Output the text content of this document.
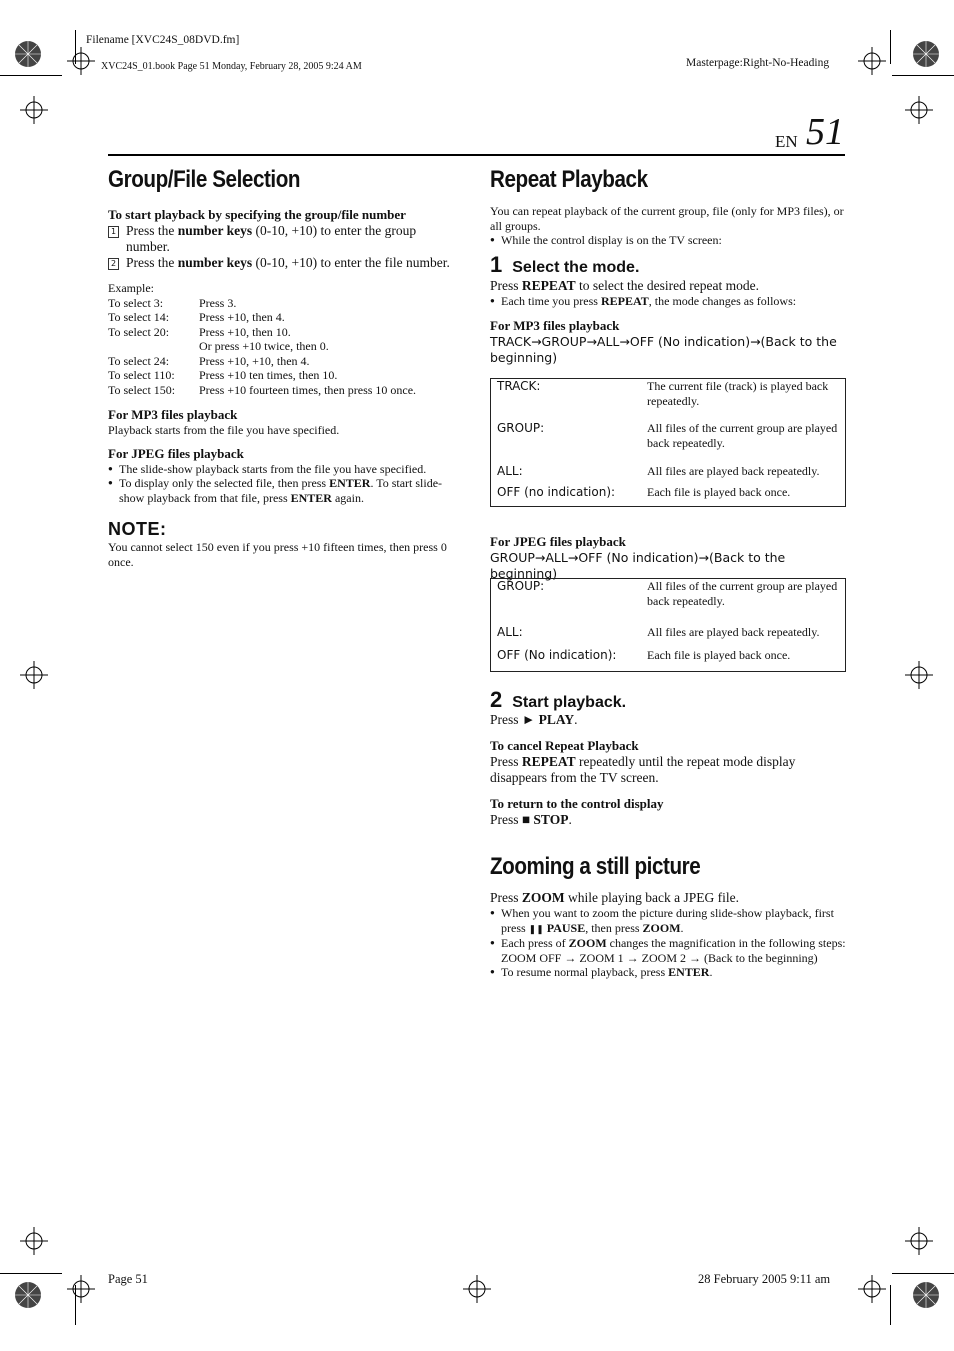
Filename [XVC24S_08DVD.fm]
XVC24S_01.book Page 51 Monday, February 28, 2005 9:24 AM	Masterpage:Right-No-Heading
EN 51
Group/File Selection
To start playback by specifying the group/file number
1 Press the number keys (0-10, +10) to enter the group number.
2 Press the number keys (0-10, +10) to enter the file number.
Example:
To select 3:	Press 3.
To select 14:	Press +10, then 4.
To select 20:	Press +10, then 10.
Or press +10 twice, then 0.
To select 24:	Press +10, +10, then 4.
To select 110:	Press +10 ten times, then 10.
To select 150:	Press +10 fourteen times, then press 10 once.
For MP3 files playback
Playback starts from the file you have specified.
For JPEG files playback
● The slide-show playback starts from the file you have specified.
● To display only the selected file, then press ENTER. To start slide-show playback from that file, press ENTER again.
NOTE:
You cannot select 150 even if you press +10 fifteen times, then press 0 once.
Repeat Playback
You can repeat playback of the current group, file (only for MP3 files), or all groups.
● While the control display is on the TV screen:
1 Select the mode.
Press REPEAT to select the desired repeat mode.
● Each time you press REPEAT, the mode changes as follows:
For MP3 files playback
TRACK→GROUP→ALL→OFF (No indication)→(Back to the beginning)
TRACK:	The current file (track) is played back repeatedly.
GROUP:	All files of the current group are played back repeatedly.
ALL:	All files are played back repeatedly.
OFF (no indication):	Each file is played back once.
For JPEG files playback
GROUP→ALL→OFF (No indication)→(Back to the beginning)
GROUP:	All files of the current group are played back repeatedly.
ALL:	All files are played back repeatedly.
OFF (No indication):	Each file is played back once.
2 Start playback.
Press ► PLAY.
To cancel Repeat Playback
Press REPEAT repeatedly until the repeat mode display disappears from the TV screen.
To return to the control display
Press ■ STOP.
Zooming a still picture
Press ZOOM while playing back a JPEG file.
● When you want to zoom the picture during slide-show playback, first press ❚❚ PAUSE, then press ZOOM.
● Each press of ZOOM changes the magnification in the following steps:
ZOOM OFF → ZOOM 1 → ZOOM 2 → (Back to the beginning)
● To resume normal playback, press ENTER.
Page 51	28 February 2005 9:11 am
